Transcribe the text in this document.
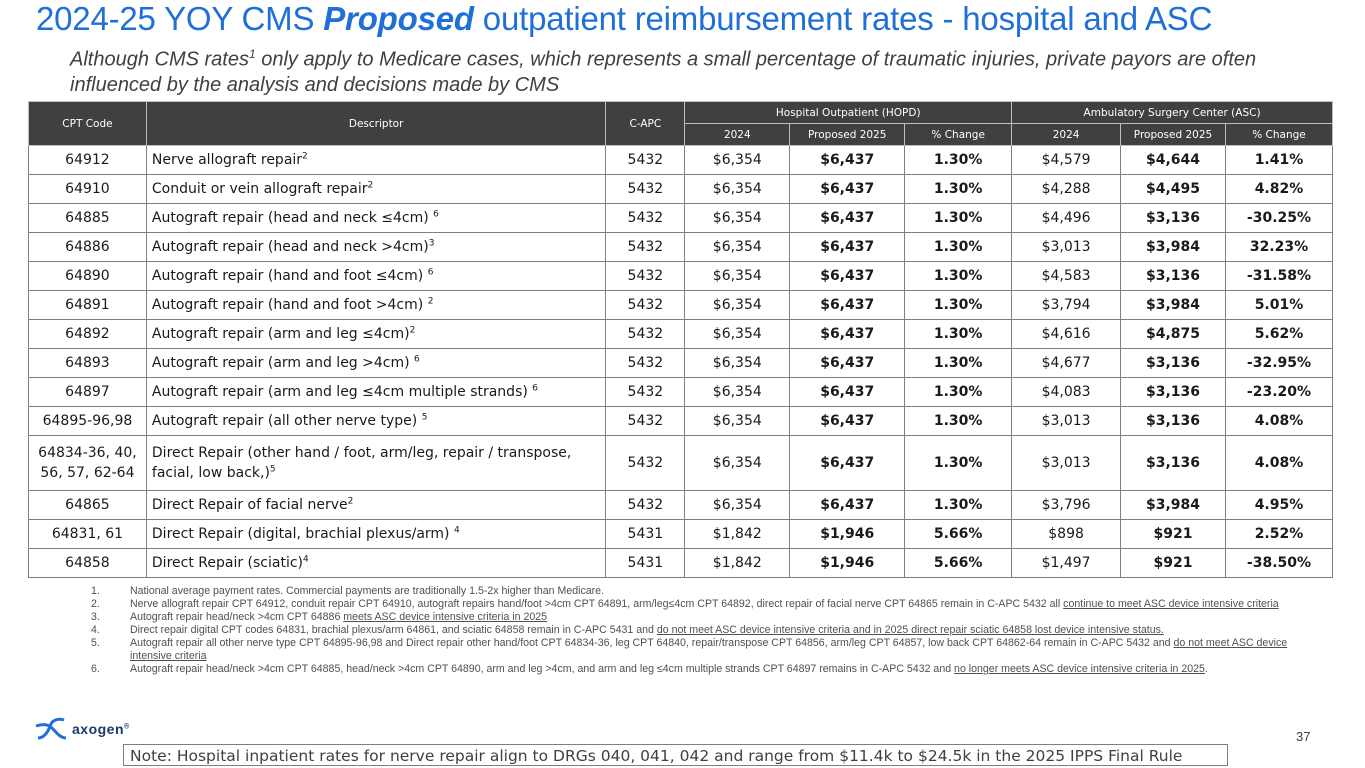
2024-25 YOY CMS Proposed outpatient reimbursement rates - hospital and ASC
Although CMS rates$^1$ only apply to Medicare cases, which represents a small percentage of traumatic injuries, private payors are often influenced by the analysis and decisions made by CMS
CPT Code	Descriptor	C-APC	Hospital Outpatient (HOPD)			Ambulatory Surgery Center (ASC)		
			2024	Proposed 2025	% Change	2024	Proposed 2025	% Change
64912	Nerve allograft repair$^2$	5432	$6,354	$6,437	1.30%	$4,579	$4,644	1.41%
64910	Conduit or vein allograft repair$^2$	5432	$6,354	$6,437	1.30%	$4,288	$4,495	4.82%
64885	Autograft repair (head and neck ≤4cm) $^6$	5432	$6,354	$6,437	1.30%	$4,496	$3,136	-30.25%
64886	Autograft repair (head and neck >4cm)$^3$	5432	$6,354	$6,437	1.30%	$3,013	$3,984	32.23%
64890	Autograft repair (hand and foot ≤4cm) $^6$	5432	$6,354	$6,437	1.30%	$4,583	$3,136	-31.58%
64891	Autograft repair (hand and foot >4cm) $^2$	5432	$6,354	$6,437	1.30%	$3,794	$3,984	5.01%
64892	Autograft repair (arm and leg ≤4cm)$^2$	5432	$6,354	$6,437	1.30%	$4,616	$4,875	5.62%
64893	Autograft repair (arm and leg >4cm) $^6$	5432	$6,354	$6,437	1.30%	$4,677	$3,136	-32.95%
64897	Autograft repair (arm and leg ≤4cm multiple strands) $^6$	5432	$6,354	$6,437	1.30%	$4,083	$3,136	-23.20%
64895-96,98	Autograft repair (all other nerve type) $^5$	5432	$6,354	$6,437	1.30%	$3,013	$3,136	4.08%
64834-36, 40, 56, 57, 62-64	Direct Repair (other hand / foot, arm/leg, repair / transpose, facial, low back,)$^5$	5432	$6,354	$6,437	1.30%	$3,013	$3,136	4.08%
64865	Direct Repair of facial nerve$^2$	5432	$6,354	$6,437	1.30%	$3,796	$3,984	4.95%
64831, 61	Direct Repair (digital, brachial plexus/arm) $^4$	5431	$1,842	$1,946	5.66%	$898	$921	2.52%
64858	Direct Repair (sciatic)$^4$	5431	$1,842	$1,946	5.66%	$1,497	$921	-38.50%
1.	National average payment rates. Commercial payments are traditionally 1.5-2x higher than Medicare.
2.	Nerve allograft repair CPT 64912, conduit repair CPT 64910, autograft repairs hand/foot >4cm CPT 64891, arm/leg≤4cm CPT 64892, direct repair of facial nerve CPT 64865 remain in C-APC 5432 all continue to meet ASC device intensive criteria
3.	Autograft repair head/neck >4cm CPT 64886 meets ASC device intensive criteria in 2025
4.	Direct repair digital CPT codes 64831, brachial plexus/arm 64861, and sciatic 64858 remain in C-APC 5431 and do not meet ASC device intensive criteria and in 2025 direct repair sciatic 64858 lost device intensive status.
5.	Autograft repair all other nerve type CPT 64895-96,98 and Direct repair other hand/foot CPT 64834-36, leg CPT 64840, repair/transpose CPT 64856, arm/leg CPT 64857, low back CPT 64862-64 remain in C-APC 5432 and do not meet ASC device intensive criteria
6.	Autograft repair head/neck >4cm CPT 64885, head/neck >4cm CPT 64890, arm and leg >4cm, and arm and leg ≤4cm multiple strands CPT 64897 remains in C-APC 5432 and no longer meets ASC device intensive criteria in 2025.
axogen®
37
Note: Hospital inpatient rates for nerve repair align to DRGs 040, 041, 042 and range from $11.4k to $24.5k in the 2025 IPPS Final Rule
